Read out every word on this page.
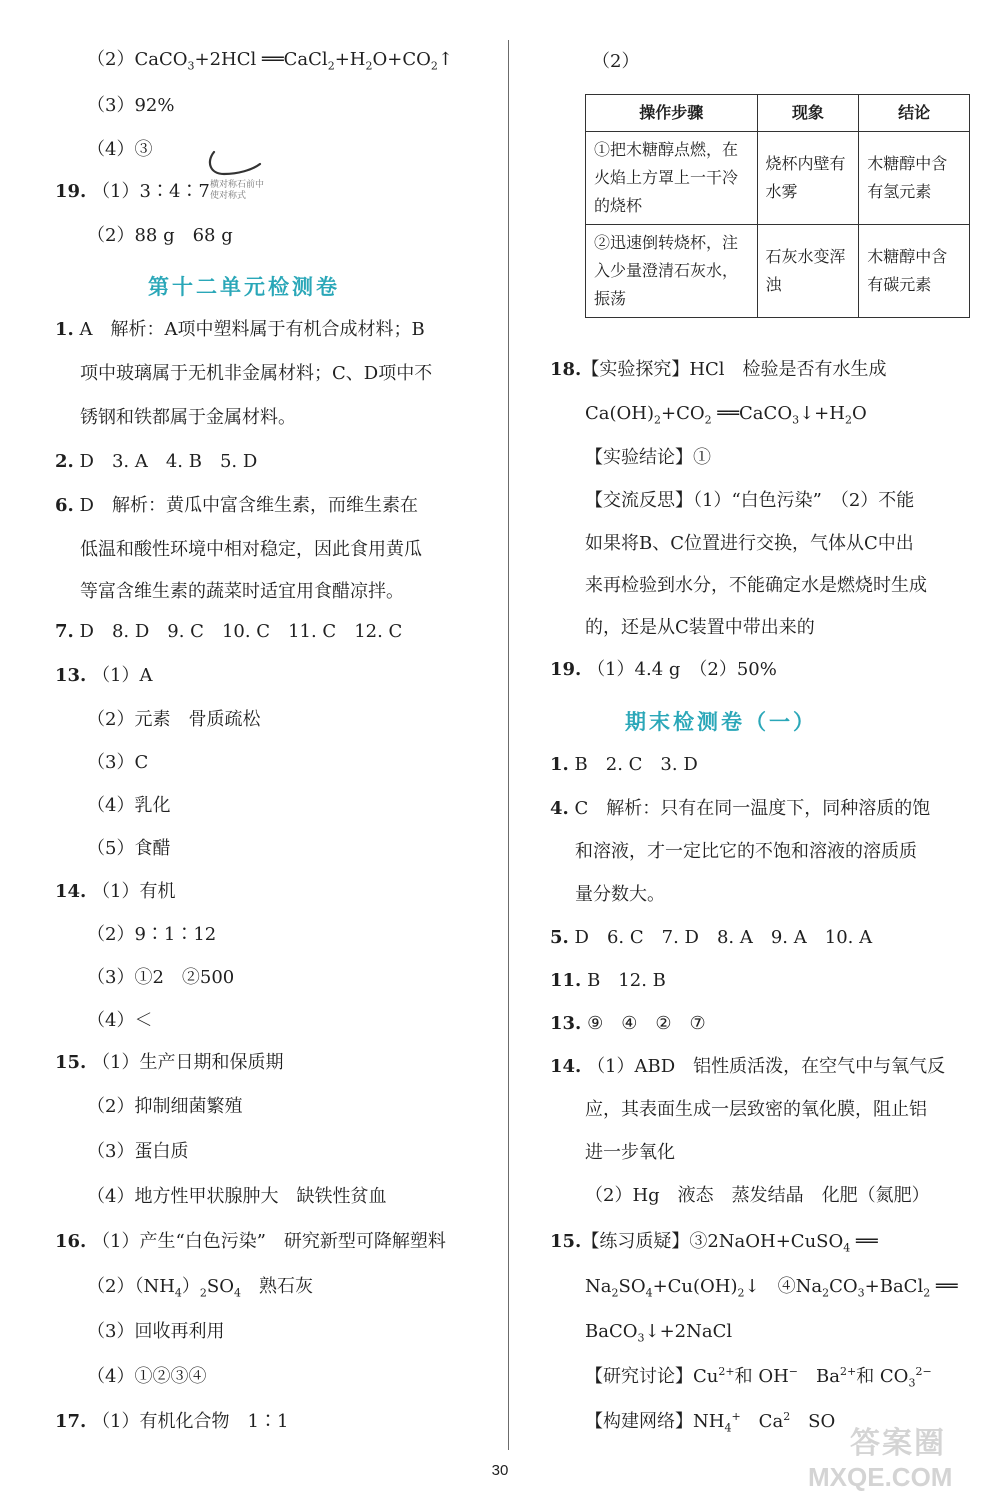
（2）CaCO$_3$+2HCl $══CaCl_2+H_2O+CO_2↑$
（3）92%
（4）③
19. （1）3∶4∶7 横对称石前中
使对称式
（2）88 g　68 g
第十二单元检测卷
1. A　解析：A项中塑料属于有机合成材料；B
项中玻璃属于无机非金属材料；C、D项中不
锈钢和铁都属于金属材料。
2. D　3. A　4. B　5. D
6. D　解析：黄瓜中富含维生素，而维生素在
低温和酸性环境中相对稳定，因此食用黄瓜
等富含维生素的蔬菜时适宜用食醋凉拌。
7. D　8. D　9. C　10. C　11. C　12. C
13. （1）A
（2）元素　骨质疏松
（3）C
（4）乳化
（5）食醋
14. （1）有机
（2）9∶1∶12
（3）①2　②500
（4）＜
15. （1）生产日期和保质期
（2）抑制细菌繁殖
（3）蛋白质
（4）地方性甲状腺肿大　缺铁性贫血
16. （1）产生“白色污染”　研究新型可降解塑料
$(2)(NH_4)_2SO_4$　熟石灰
（3）回收再利用
（4）①②③④
17. （1）有机化合物　1∶1
（2）
操作步骤	现象	结论
①把木糖醇点燃，在火焰上方罩上一干冷的烧杯	烧杯内壁有水雾	木糖醇中含有氢元素
②迅速倒转烧杯，注入少量澄清石灰水，振荡	石灰水变浑浊	木糖醇中含有碳元素
18.【实验探究】HCl　检验是否有水生成
$Ca(OH)_2+CO_2$ $══CaCO_3↓+H_2O$
【实验结论】①
【交流反思】（1）“白色污染”　（2）不能
如果将B、C位置进行交换，气体从C中出
来再检验到水分，不能确定水是燃烧时生成
的，还是从C装置中带出来的
19. （1）4.4 g　（2）50%
期末检测卷（一）
1. B　2. C　3. D
4. C　解析：只有在同一温度下，同种溶质的饱
和溶液，才一定比它的不饱和溶液的溶质质
量分数大。
5. D　6. C　7. D　8. A　9. A　10. A
11. B　12. B
13. ⑨　④　②　⑦
14. （1）ABD　铝性质活泼，在空气中与氧气反
应，其表面生成一层致密的氧化膜，阻止铝
进一步氧化
（2）Hg　液态　蒸发结晶　化肥（氮肥）
15.【练习质疑】③2NaOH+CuSO$_4$ ══
$Na_2SO_4+Cu(OH)_2↓$　$④Na_2CO_3+BaCl_2$ ══
BaCO$_3$↓+2NaCl
【研究讨论】$Cu^{2+}$和 OH−　$Ba^{2+}$和 $CO_3^{2-}$
【构建网络】$NH_4^+$　Ca$^2$　SO
30
答案圈
MXQE.COM
